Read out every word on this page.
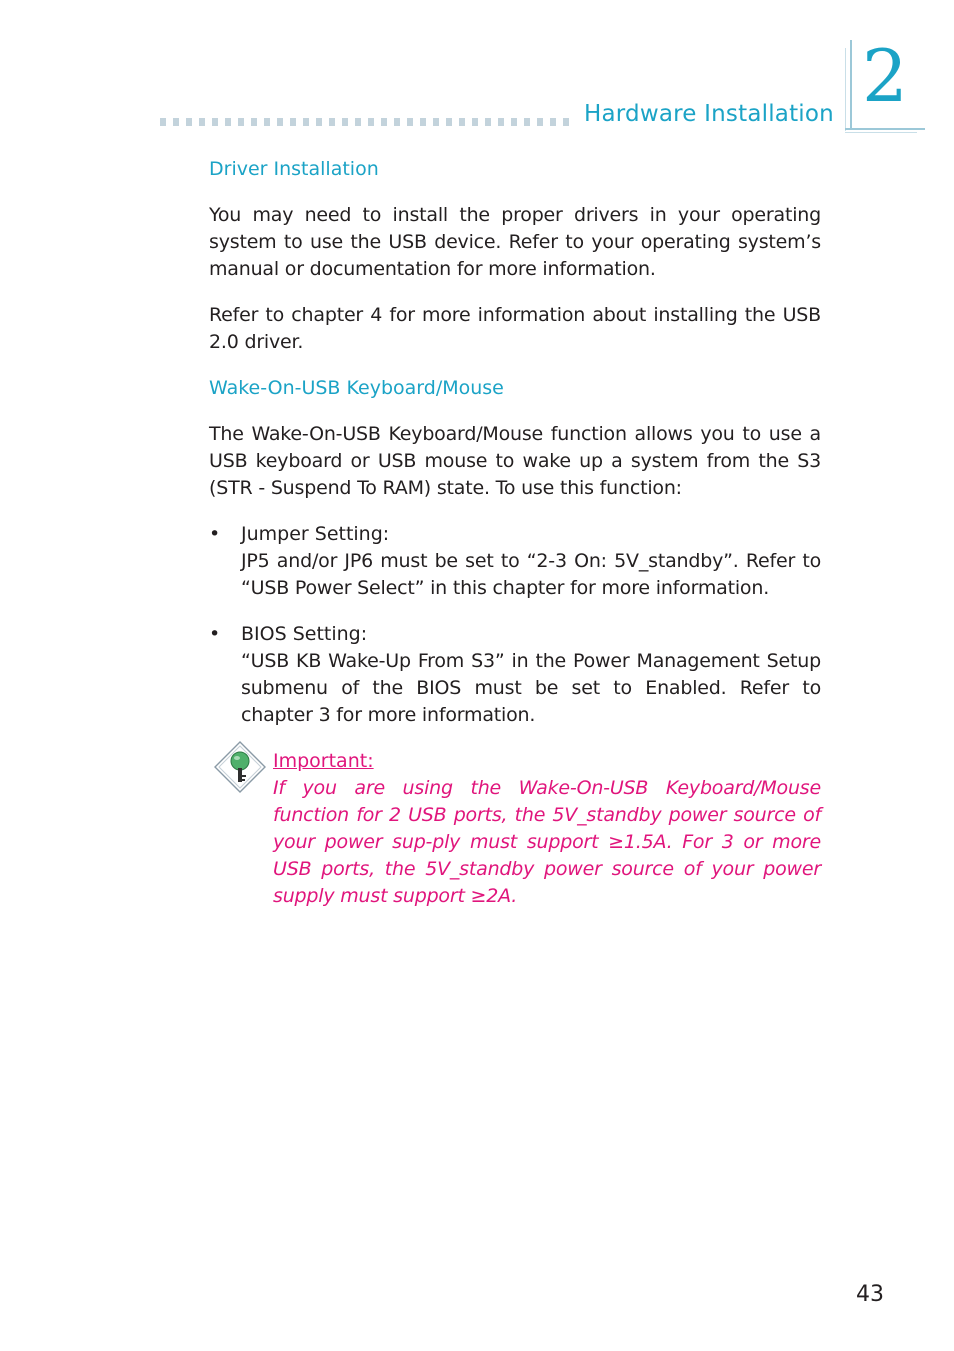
Hardware Installation 2
Driver Installation

You may need to install the proper drivers in your operating system to use the USB device. Refer to your operating system’s manual or documentation for more information.

Refer to chapter 4 for more information about installing the USB 2.0 driver.

Wake-On-USB Keyboard/Mouse

The Wake-On-USB Keyboard/Mouse function allows you to use a USB keyboard or USB mouse to wake up a system from the S3 (STR - Suspend To RAM) state. To use this function:

• Jumper Setting:
JP5 and/or JP6 must be set to “2-3 On: 5V_standby”. Refer to “USB Power Select” in this chapter for more information.
• BIOS Setting:
“USB KB Wake-Up From S3” in the Power Management Setup submenu of the BIOS must be set to Enabled. Refer to chapter 3 for more information.
Important:
If you are using the Wake-On-USB Keyboard/Mouse function for 2 USB ports, the 5V_standby power source of your power sup-ply must support ≥1.5A. For 3 or more USB ports, the 5V_standby power source of your power supply must support ≥2A.
43
